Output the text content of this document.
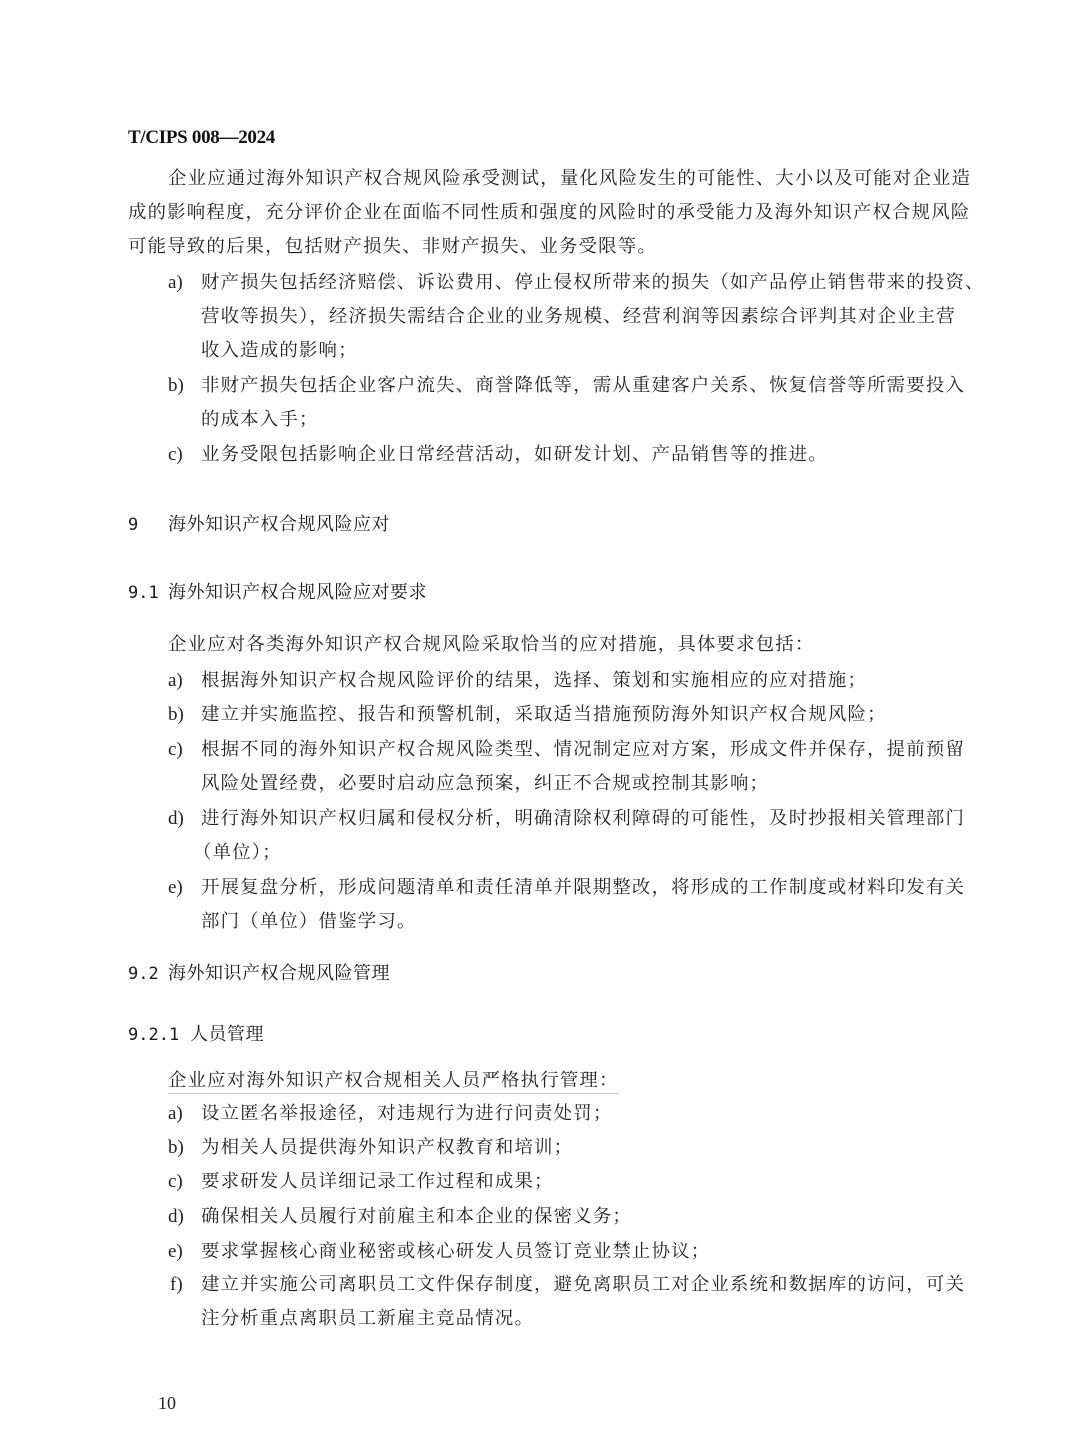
T/CIPS 008—2024
企业应通过海外知识产权合规风险承受测试，量化风险发生的可能性、大小以及可能对企业造
成的影响程度，充分评价企业在面临不同性质和强度的风险时的承受能力及海外知识产权合规风险
可能导致的后果，包括财产损失、非财产损失、业务受限等。
a) 财产损失包括经济赔偿、诉讼费用、停止侵权所带来的损失（如产品停止销售带来的投资、
营收等损失），经济损失需结合企业的业务规模、经营利润等因素综合评判其对企业主营
收入造成的影响；
b) 非财产损失包括企业客户流失、商誉降低等，需从重建客户关系、恢复信誉等所需要投入
的成本入手；
c) 业务受限包括影响企业日常经营活动，如研发计划、产品销售等的推进。
9 海外知识产权合规风险应对
9.1 海外知识产权合规风险应对要求
企业应对各类海外知识产权合规风险采取恰当的应对措施，具体要求包括：
a) 根据海外知识产权合规风险评价的结果，选择、策划和实施相应的应对措施；
b) 建立并实施监控、报告和预警机制，采取适当措施预防海外知识产权合规风险；
c) 根据不同的海外知识产权合规风险类型、情况制定应对方案，形成文件并保存，提前预留
风险处置经费，必要时启动应急预案，纠正不合规或控制其影响；
d) 进行海外知识产权归属和侵权分析，明确清除权利障碍的可能性，及时抄报相关管理部门
（单位）；
e) 开展复盘分析，形成问题清单和责任清单并限期整改，将形成的工作制度或材料印发有关
部门（单位）借鉴学习。
9.2 海外知识产权合规风险管理
9.2.1 人员管理
企业应对海外知识产权合规相关人员严格执行管理：
a) 设立匿名举报途径，对违规行为进行问责处罚；
b) 为相关人员提供海外知识产权教育和培训；
c) 要求研发人员详细记录工作过程和成果；
d) 确保相关人员履行对前雇主和本企业的保密义务；
e) 要求掌握核心商业秘密或核心研发人员签订竞业禁止协议；
f) 建立并实施公司离职员工文件保存制度，避免离职员工对企业系统和数据库的访问，可关
注分析重点离职员工新雇主竞品情况。
10
